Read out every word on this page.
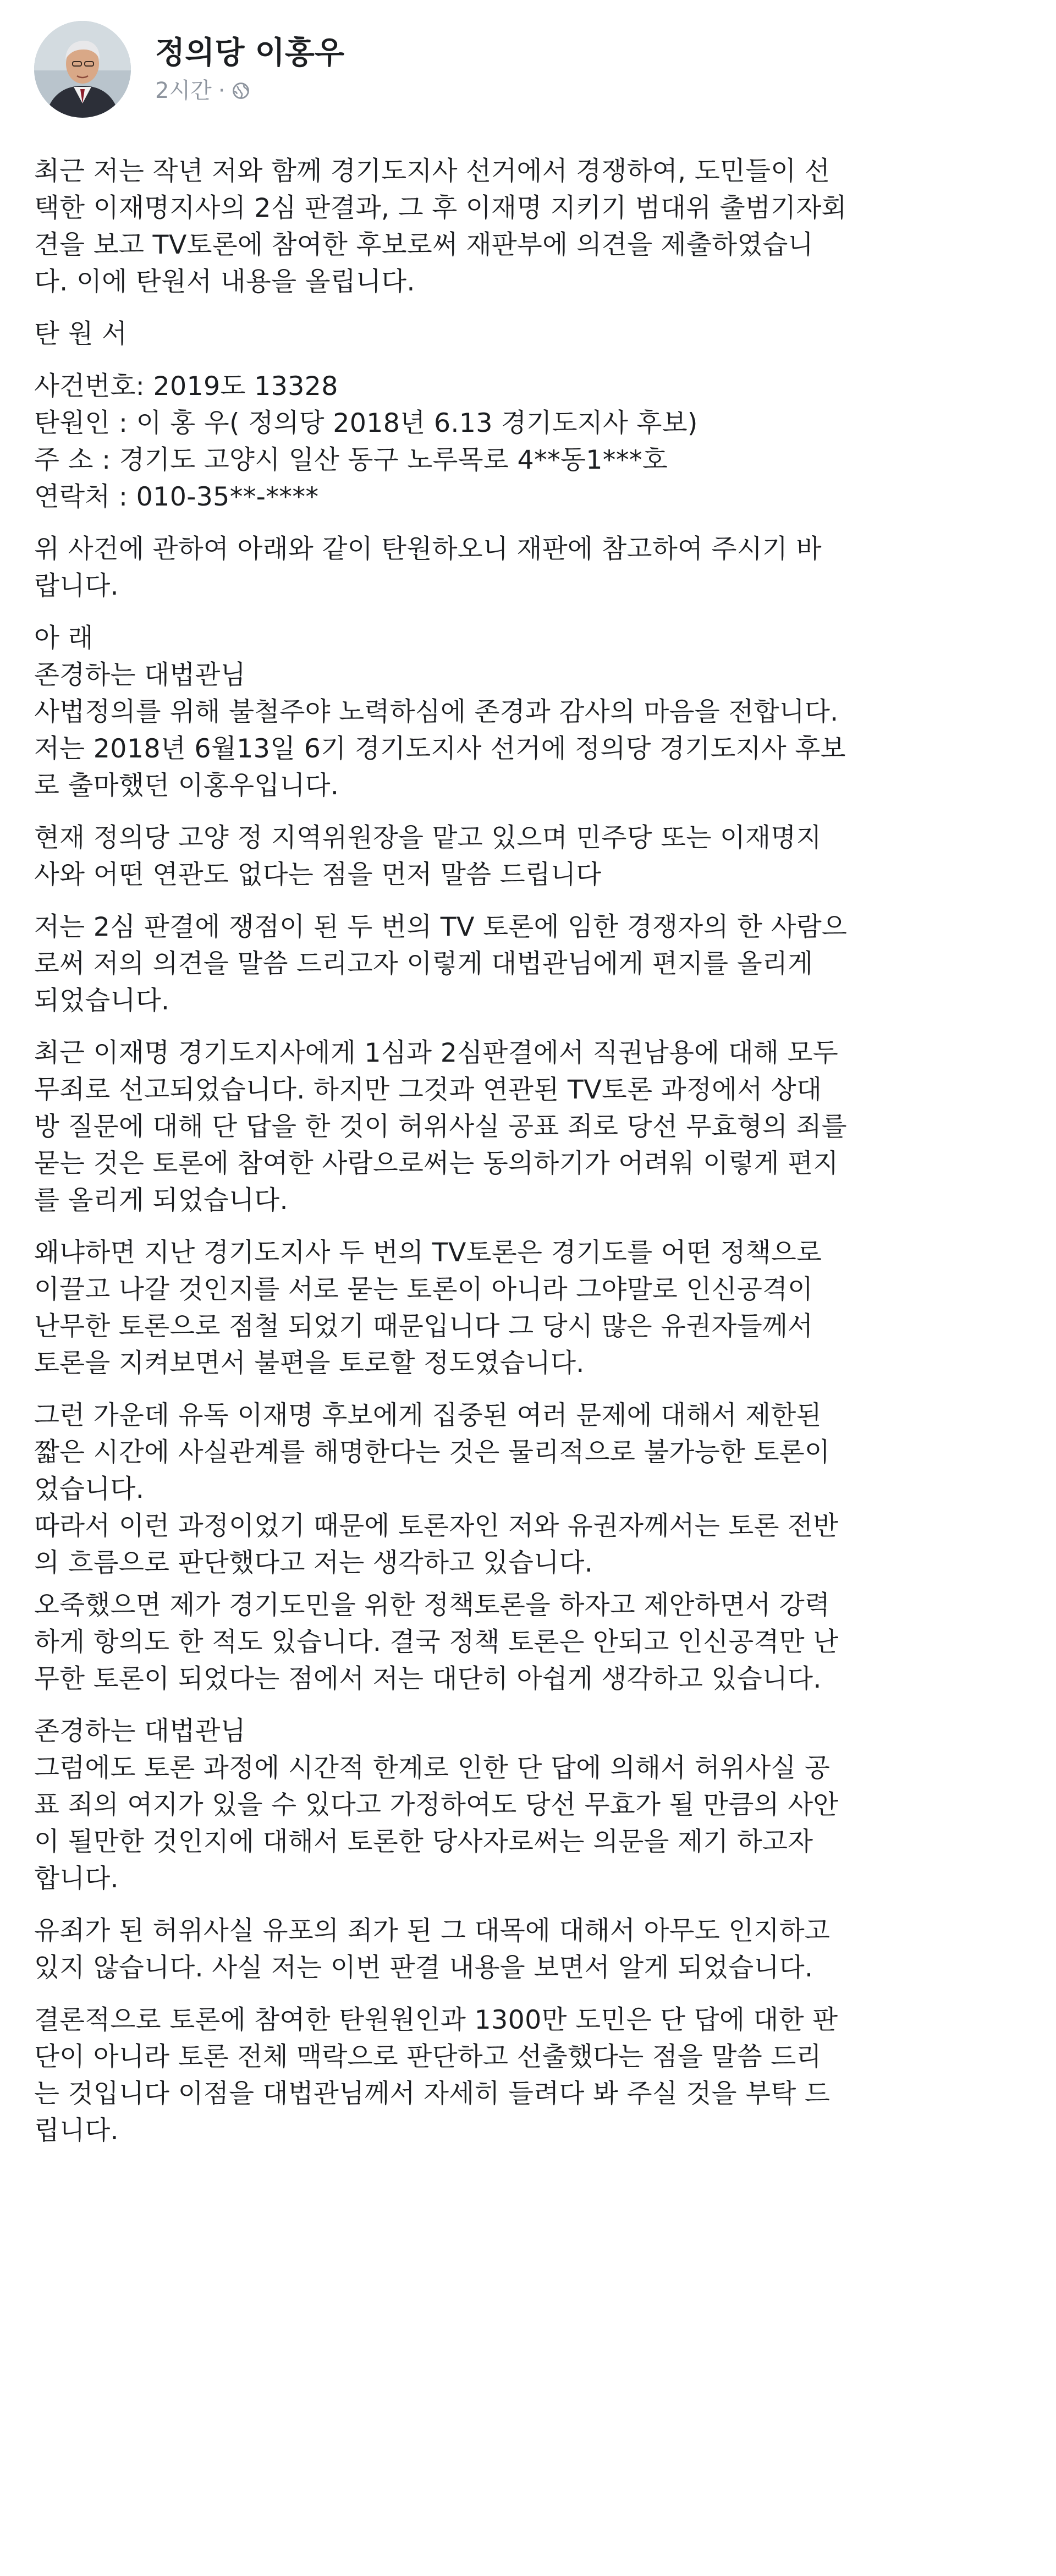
정의당 이홍우
2시간 ·
최근 저는 작년 저와 함께 경기도지사 선거에서 경쟁하여, 도민들이 선
택한 이재명지사의 2심 판결과, 그 후 이재명 지키기 범대위 출범기자회
견을 보고 TV토론에 참여한 후보로써 재판부에 의견을 제출하였습니
다. 이에 탄원서 내용을 올립니다.
탄 원 서
사건번호: 2019도 13328
탄원인 : 이 홍 우( 정의당 2018년 6.13 경기도지사 후보)
주 소 : 경기도 고양시 일산 동구 노루목로 4**동1***호
연락처 : 010-35**-****
위 사건에 관하여 아래와 같이 탄원하오니 재판에 참고하여 주시기 바
랍니다.
아 래
존경하는 대법관님
사법정의를 위해 불철주야 노력하심에 존경과 감사의 마음을 전합니다.
저는 2018년 6월13일 6기 경기도지사 선거에 정의당 경기도지사 후보
로 출마했던 이홍우입니다.
현재 정의당 고양 정 지역위원장을 맡고 있으며 민주당 또는 이재명지
사와 어떤 연관도 없다는 점을 먼저 말씀 드립니다
저는 2심 판결에 쟁점이 된 두 번의 TV 토론에 임한 경쟁자의 한 사람으
로써 저의 의견을 말씀 드리고자 이렇게 대법관님에게 편지를 올리게
되었습니다.
최근 이재명 경기도지사에게 1심과 2심판결에서 직권남용에 대해 모두
무죄로 선고되었습니다. 하지만 그것과 연관된 TV토론 과정에서 상대
방 질문에 대해 단 답을 한 것이 허위사실 공표 죄로 당선 무효형의 죄를
묻는 것은 토론에 참여한 사람으로써는 동의하기가 어려워 이렇게 편지
를 올리게 되었습니다.
왜냐하면 지난 경기도지사 두 번의 TV토론은 경기도를 어떤 정책으로
이끌고 나갈 것인지를 서로 묻는 토론이 아니라 그야말로 인신공격이
난무한 토론으로 점철 되었기 때문입니다 그 당시 많은 유권자들께서
토론을 지켜보면서 불편을 토로할 정도였습니다.
그런 가운데 유독 이재명 후보에게 집중된 여러 문제에 대해서 제한된
짧은 시간에 사실관계를 해명한다는 것은 물리적으로 불가능한 토론이
었습니다.
따라서 이런 과정이었기 때문에 토론자인 저와 유권자께서는 토론 전반
의 흐름으로 판단했다고 저는 생각하고 있습니다.
오죽했으면 제가 경기도민을 위한 정책토론을 하자고 제안하면서 강력
하게 항의도 한 적도 있습니다. 결국 정책 토론은 안되고 인신공격만 난
무한 토론이 되었다는 점에서 저는 대단히 아쉽게 생각하고 있습니다.
존경하는 대법관님
그럼에도 토론 과정에 시간적 한계로 인한 단 답에 의해서 허위사실 공
표 죄의 여지가 있을 수 있다고 가정하여도 당선 무효가 될 만큼의 사안
이 될만한 것인지에 대해서 토론한 당사자로써는 의문을 제기 하고자
합니다.
유죄가 된 허위사실 유포의 죄가 된 그 대목에 대해서 아무도 인지하고
있지 않습니다. 사실 저는 이번 판결 내용을 보면서 알게 되었습니다.
결론적으로 토론에 참여한 탄원원인과 1300만 도민은 단 답에 대한 판
단이 아니라 토론 전체 맥락으로 판단하고 선출했다는 점을 말씀 드리
는 것입니다 이점을 대법관님께서 자세히 들려다 봐 주실 것을 부탁 드
립니다.
